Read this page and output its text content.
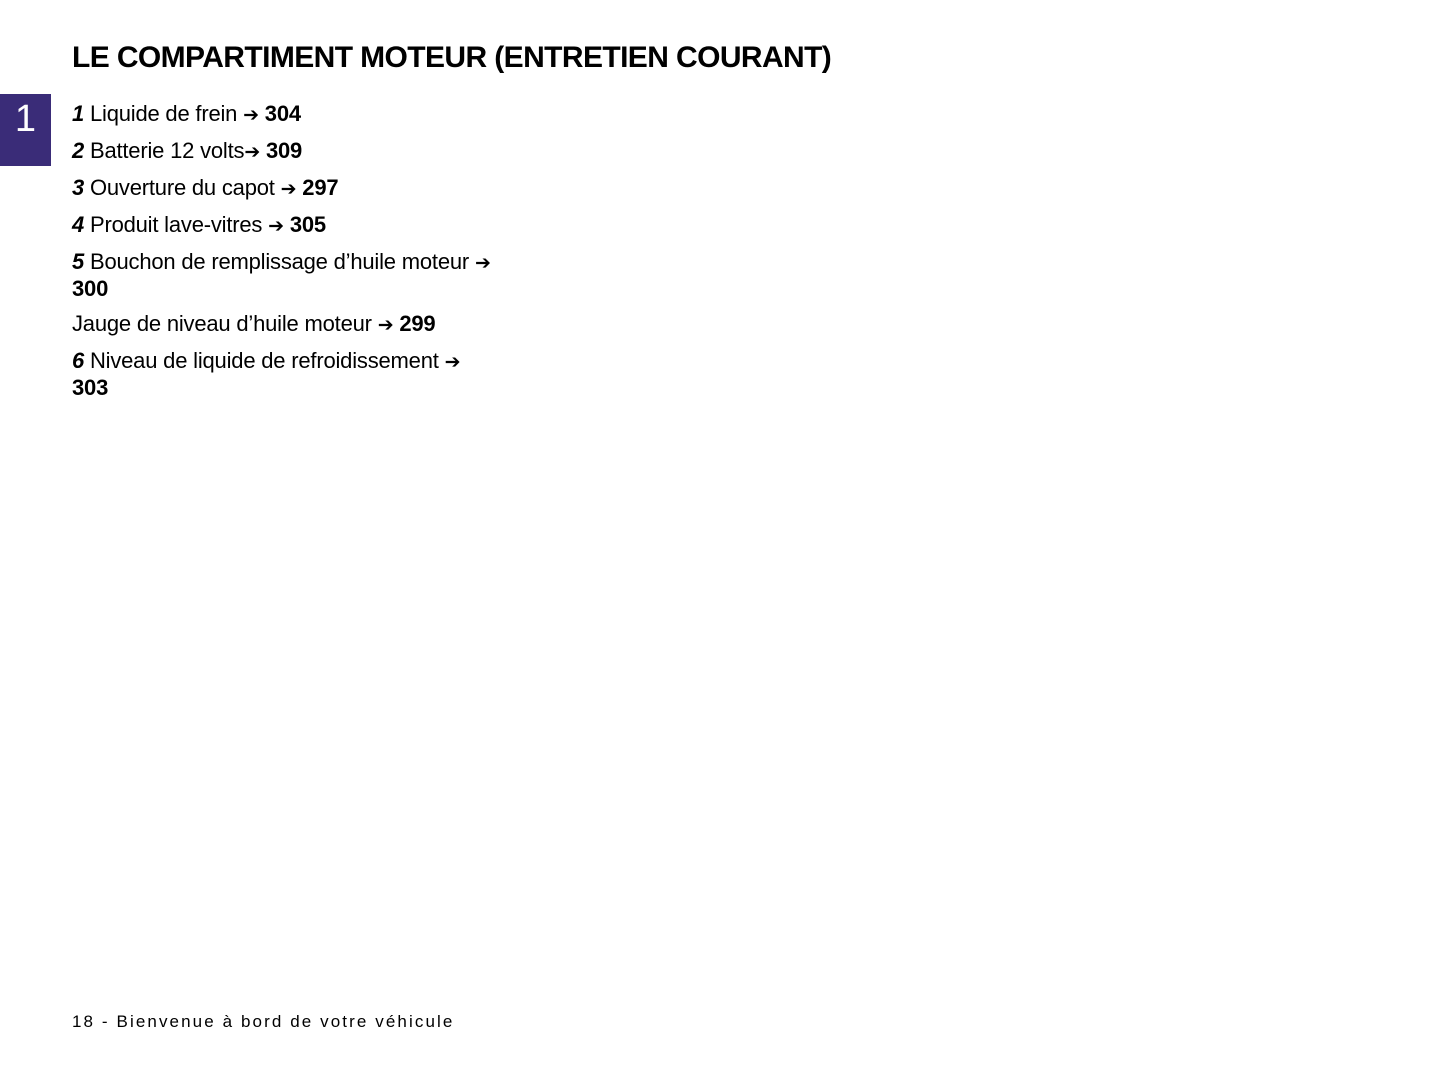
1
LE COMPARTIMENT MOTEUR (ENTRETIEN COURANT)
1 Liquide de frein ➔ 304
2 Batterie 12 volts➔ 309
3 Ouverture du capot ➔ 297
4 Produit lave-vitres ➔ 305
5 Bouchon de remplissage d’huile moteur ➔ 300
Jauge de niveau d’huile moteur ➔ 299
6 Niveau de liquide de refroidissement ➔ 303
18 - Bienvenue à bord de votre véhicule
